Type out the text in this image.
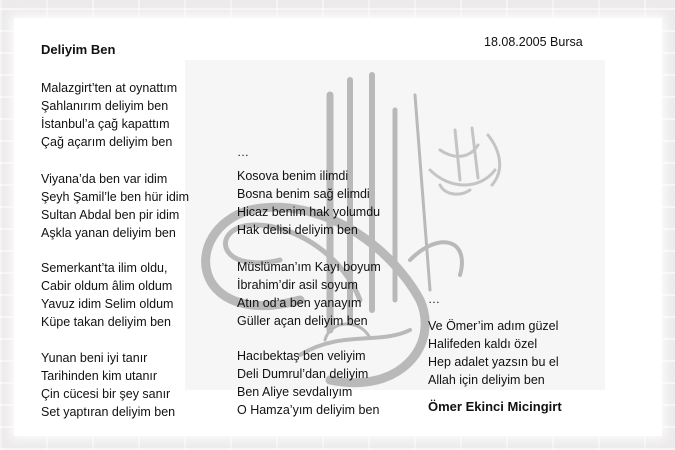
Deliyim Ben	18.08.2005 Bursa
Malazgirt’ten at oynattım
Şahlanırım deliyim ben
İstanbul’a çağ kapattım
Çağ açarım deliyim ben
Viyana’da ben var idim
Şeyh Şamil’le ben hür idim
Sultan Abdal ben pir idim
Aşkla yanan deliyim ben
Semerkant’ta ilim oldu,
Cabir oldum âlim oldum
Yavuz idim Selim oldum
Küpe takan deliyim ben
Yunan beni iyi tanır
Tarihinden kim utanır
Çin cücesi bir şey sanır
Set yaptıran deliyim ben
…
Kosova benim ilimdi
Bosna benim sağ elimdi
Hicaz benim hak yolumdu
Hak delisi deliyim ben
Müslüman’ım Kayı boyum
İbrahim’dir asil soyum
Atın od’a ben yanayım
Güller açan deliyim ben
Hacıbektaş ben veliyim
Deli Dumrul’dan deliyim
Ben Aliye sevdalıyım
O Hamza’yım deliyim ben
…
Ve Ömer’im adım güzel
Halifeden kaldı özel
Hep adalet yazsın bu el
Allah için deliyim ben
Ömer Ekinci Micingirt
